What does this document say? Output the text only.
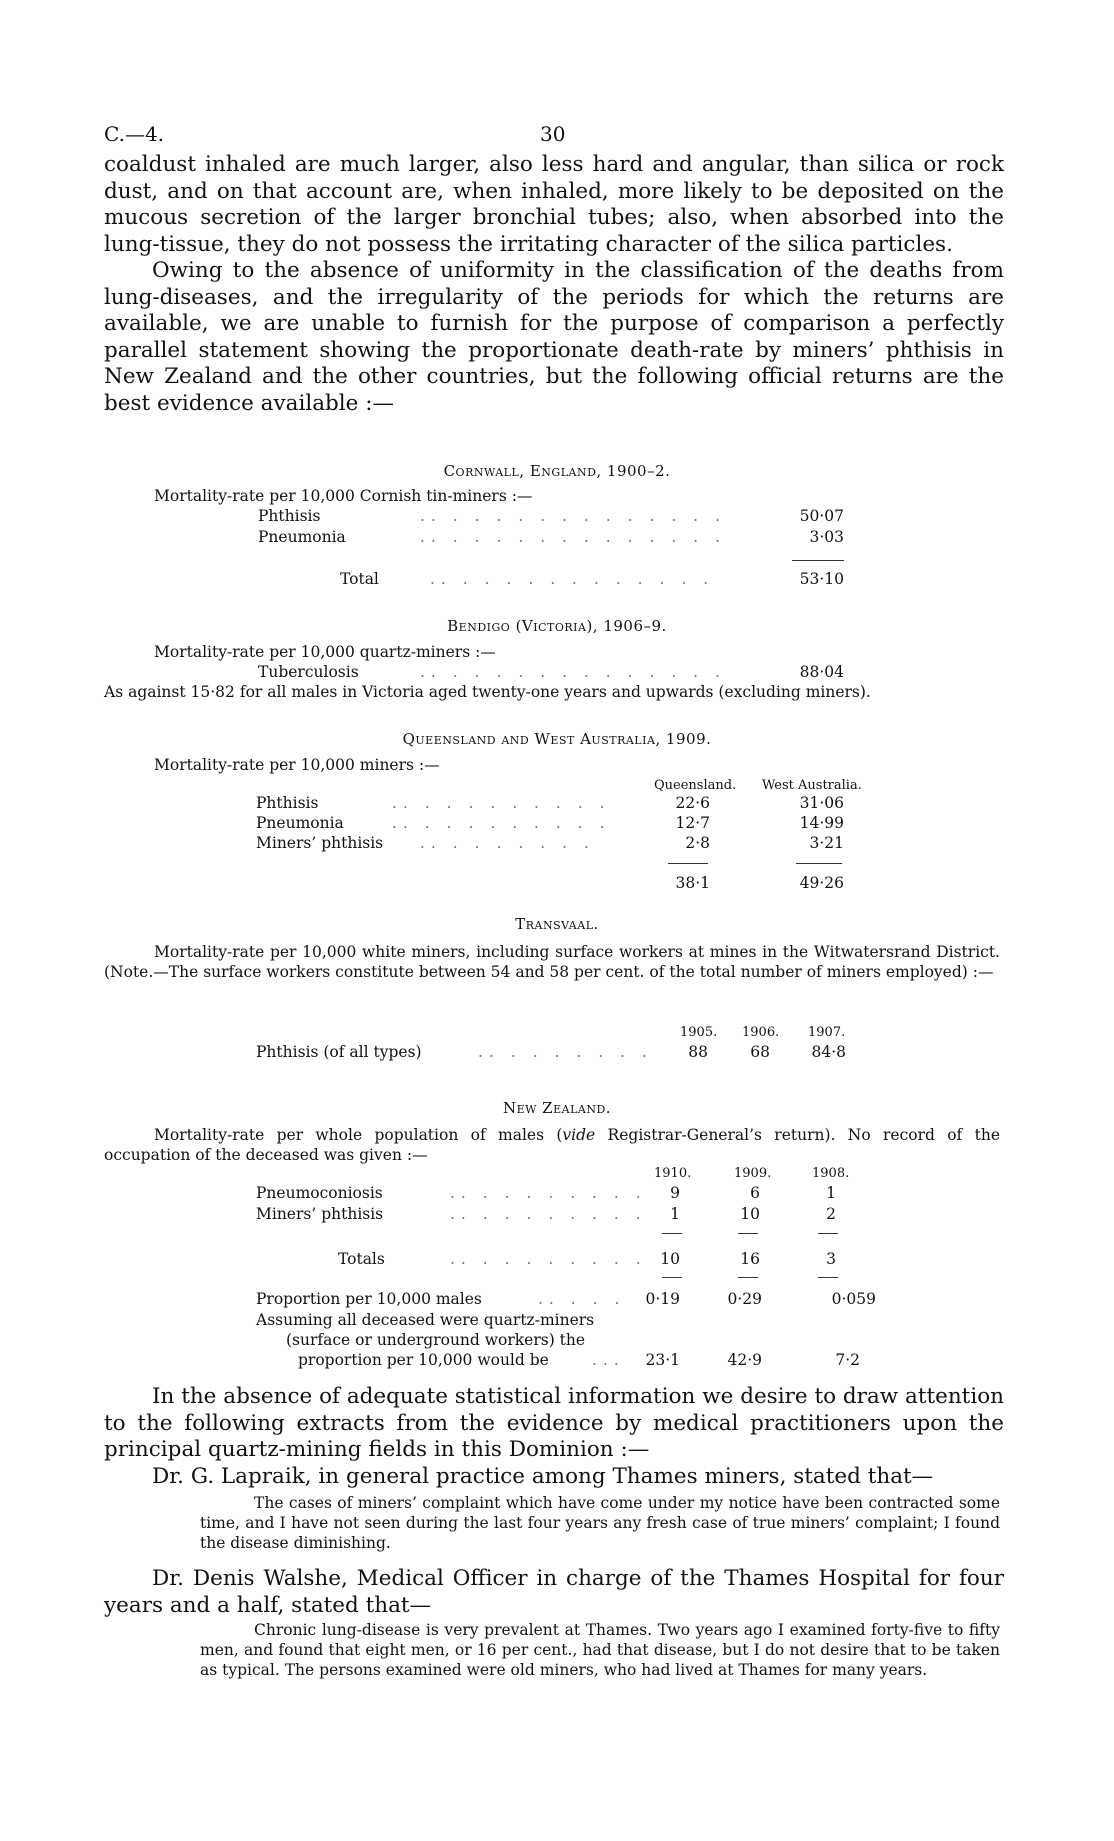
C.—4.	30

coaldust inhaled are much larger, also less hard and angular, than silica or rock dust, and on that account are, when inhaled, more likely to be deposited on the mucous secretion of the larger bronchial tubes; also, when absorbed into the lung-tissue, they do not possess the irritating character of the silica particles.

Owing to the absence of uniformity in the classification of the deaths from lung-diseases, and the irregularity of the periods for which the returns are available, we are unable to furnish for the purpose of comparison a perfectly parallel statement showing the proportionate death-rate by miners’ phthisis in New Zealand and the other countries, but the following official returns are the best evidence available :—

Cornwall, England, 1900–2.
Mortality-rate per 10,000 Cornish tin-miners :—
Phthisis	.. . . . . . . . . . . . . .	50·07
Pneumonia	.. . . . . . . . . . . . . .	3·03
Total	.. . . . . . . . . . . . .	53·10
Bendigo (Victoria), 1906–9.
Mortality-rate per 10,000 quartz-miners :—
Tuberculosis	.. . . . . . . . . . . . . .	88·04
As against 15·82 for all males in Victoria aged twenty-one years and upwards (excluding miners).
Queensland and West Australia, 1909.
Mortality-rate per 10,000 miners :—
Queensland. West Australia.
Phthisis	.. . . . . . . . . .	22·6	31·06
Pneumonia	.. . . . . . . . . .	12·7	14·99
Miners’ phthisis .. . . . . . . .	2·8	3·21
38·1	49·26
Transvaal.

Mortality-rate per 10,000 white miners, including surface workers at mines in the Witwatersrand District. (Note.—The surface workers constitute between 54 and 58 per cent. of the total number of miners employed) :—

1905. 1906. 1907.
Phthisis (of all types)	.. . . . . . . .	88	68	84·8
New Zealand.

Mortality-rate per whole population of males (vide Registrar-General’s return). No record of the occupation of the deceased was given :—

1910.	1909.	1908.
Pneumoconiosis	.. . . . . . . . .	9	6	1
Miners’ phthisis	.. . . . . . . . .	1	10	2
Totals	.. . . . . . . . . 10	16	3
Proportion per 10,000 males	.. . . .	0·19	0·29	0·059
Assuming all deceased were quartz-miners
(surface or underground workers) the
proportion per 10,000 would be	...	23·1	42·9	7·2

In the absence of adequate statistical information we desire to draw attention to the following extracts from the evidence by medical practitioners upon the principal quartz-mining fields in this Dominion :—

Dr. G. Lapraik, in general practice among Thames miners, stated that—

The cases of miners’ complaint which have come under my notice have been contracted some time, and I have not seen during the last four years any fresh case of true miners’ complaint; I found the disease diminishing.

Dr. Denis Walshe, Medical Officer in charge of the Thames Hospital for four years and a half, stated that—

Chronic lung-disease is very prevalent at Thames. Two years ago I examined forty-five to fifty men, and found that eight men, or 16 per cent., had that disease, but I do not desire that to be taken as typical. The persons examined were old miners, who had lived at Thames for many years.
